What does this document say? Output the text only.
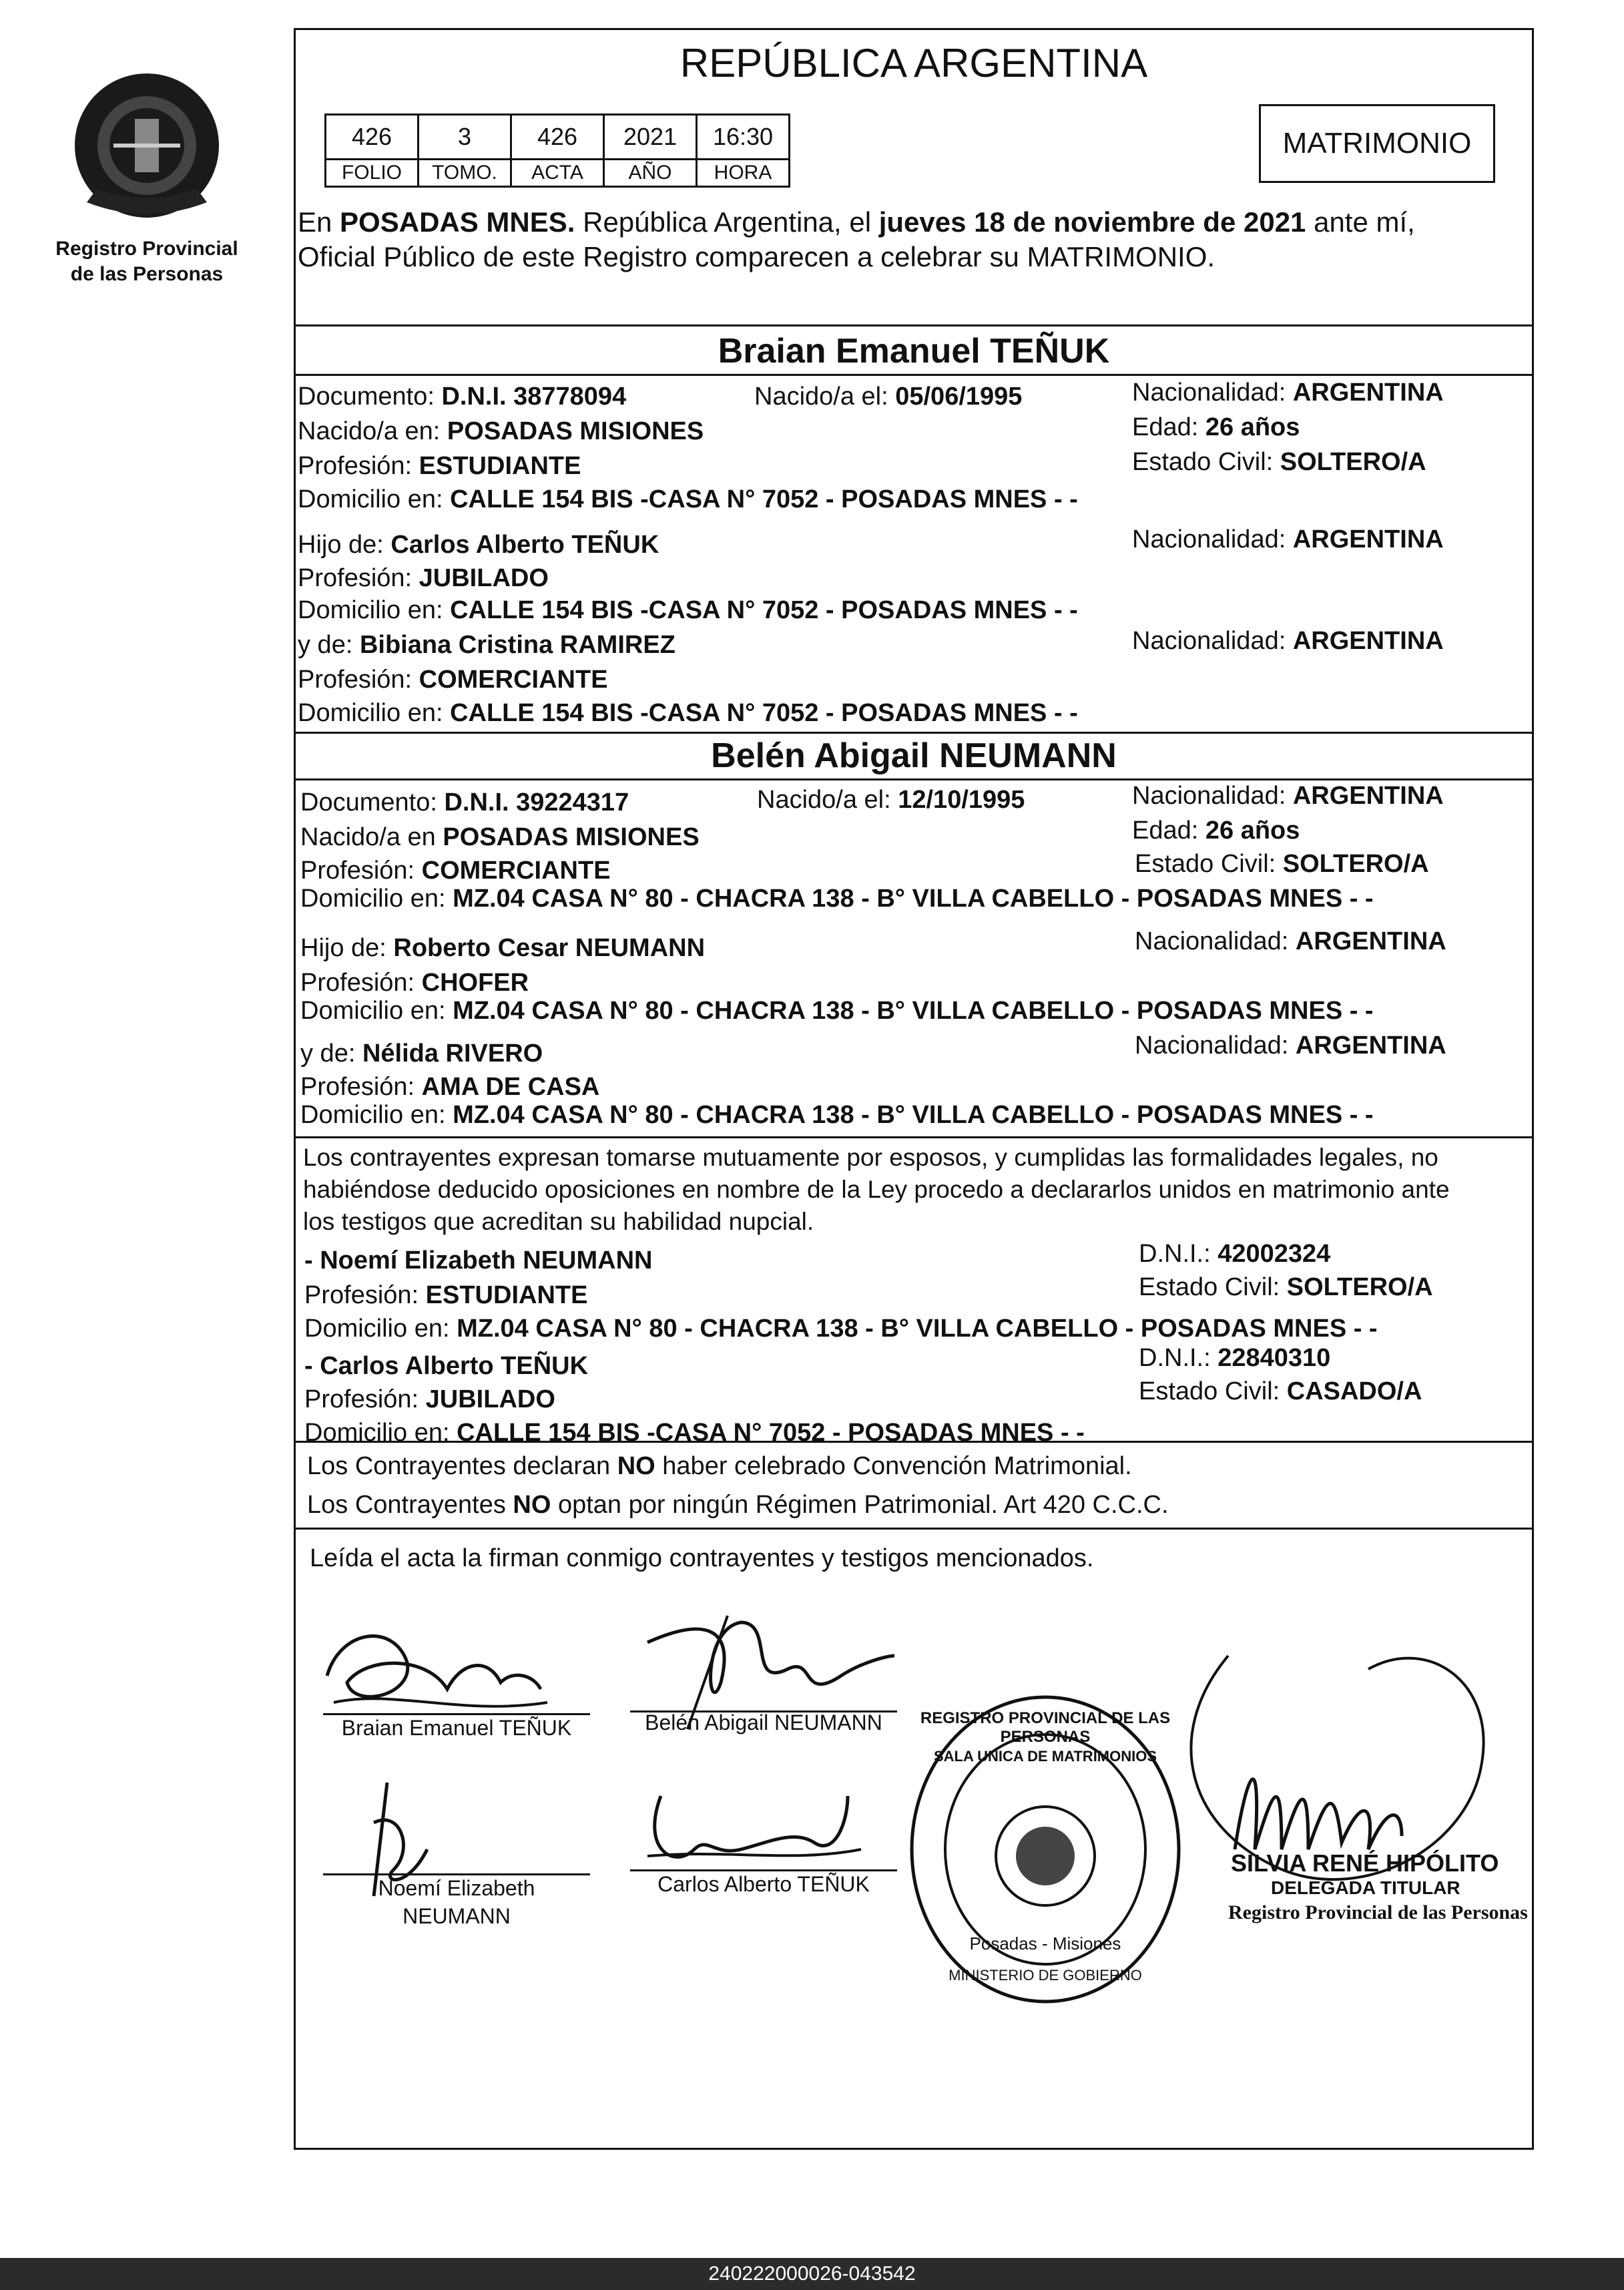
Registro Provincial
de las Personas
REPÚBLICA ARGENTINA
426	3	426	2021	16:30
FOLIO	TOMO.	ACTA	AÑO	HORA
MATRIMONIO
En POSADAS MNES. República Argentina, el jueves 18 de noviembre de 2021 ante mí,
Oficial Público de este Registro comparecen a celebrar su MATRIMONIO.
Braian Emanuel TEÑUK
Documento: D.N.I. 38778094	Nacido/a el: 05/06/1995	Nacionalidad: ARGENTINA
Nacido/a en: POSADAS MISIONES	Edad: 26 años
Profesión: ESTUDIANTE	Estado Civil: SOLTERO/A
Domicilio en: CALLE 154 BIS -CASA N° 7052 - POSADAS MNES - -
Hijo de: Carlos Alberto TEÑUK	Nacionalidad: ARGENTINA
Profesión: JUBILADO
Domicilio en: CALLE 154 BIS -CASA N° 7052 - POSADAS MNES - -
y de: Bibiana Cristina RAMIREZ	Nacionalidad: ARGENTINA
Profesión: COMERCIANTE
Domicilio en: CALLE 154 BIS -CASA N° 7052 - POSADAS MNES - -
Belén Abigail NEUMANN
Documento: D.N.I. 39224317	Nacido/a el: 12/10/1995	Nacionalidad: ARGENTINA
Nacido/a en POSADAS MISIONES	Edad: 26 años
Profesión: COMERCIANTE	Estado Civil: SOLTERO/A
Domicilio en: MZ.04 CASA N° 80 - CHACRA 138 - B° VILLA CABELLO - POSADAS MNES - -
Hijo de: Roberto Cesar NEUMANN	Nacionalidad: ARGENTINA
Profesión: CHOFER
Domicilio en: MZ.04 CASA N° 80 - CHACRA 138 - B° VILLA CABELLO - POSADAS MNES - -
y de: Nélida RIVERO	Nacionalidad: ARGENTINA
Profesión: AMA DE CASA
Domicilio en: MZ.04 CASA N° 80 - CHACRA 138 - B° VILLA CABELLO - POSADAS MNES - -
Los contrayentes expresan tomarse mutuamente por esposos, y cumplidas las formalidades legales, no
habiéndose deducido oposiciones en nombre de la Ley procedo a declararlos unidos en matrimonio ante
los testigos que acreditan su habilidad nupcial.
- Noemí Elizabeth NEUMANN	D.N.I.: 42002324
Profesión: ESTUDIANTE	Estado Civil: SOLTERO/A
Domicilio en: MZ.04 CASA N° 80 - CHACRA 138 - B° VILLA CABELLO - POSADAS MNES - -
- Carlos Alberto TEÑUK	D.N.I.: 22840310
Profesión: JUBILADO	Estado Civil: CASADO/A
Domicilio en: CALLE 154 BIS -CASA N° 7052 - POSADAS MNES - -
Los Contrayentes declaran NO haber celebrado Convención Matrimonial.
Los Contrayentes NO optan por ningún Régimen Patrimonial. Art 420 C.C.C.
Leída el acta la firman conmigo contrayentes y testigos mencionados.
Braian Emanuel TEÑUK	Belén Abigail NEUMANN
Noemí Elizabeth
NEUMANN
Carlos Alberto TEÑUK
REGISTRO PROVINCIAL DE LAS PERSONAS
SALA UNICA DE MATRIMONIOS
Posadas - Misiones
MINISTERIO DE GOBIERNO
SILVIA RENÉ HIPÓLITO
DELEGADA TITULAR
Registro Provincial de las Personas
240222000026-043542
